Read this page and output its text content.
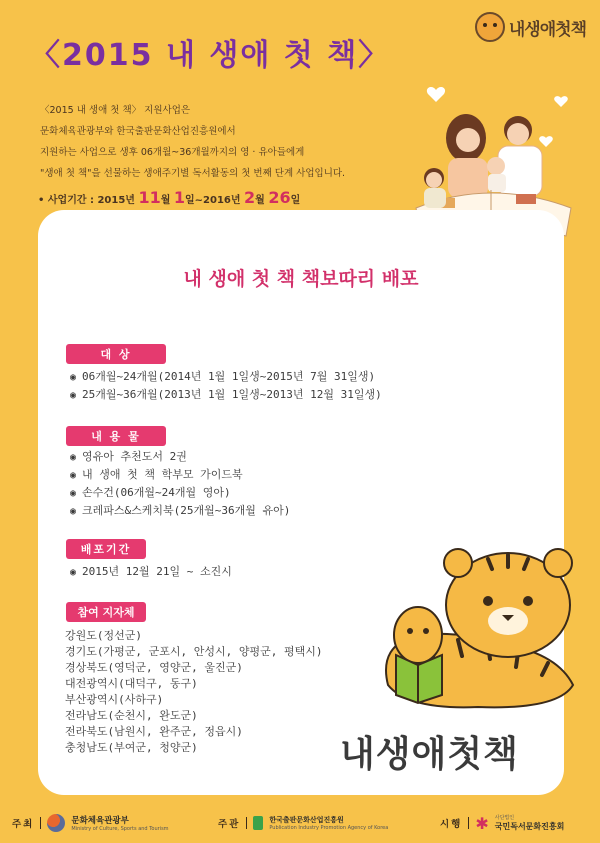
내생애첫책
〈2015 내 생애 첫 책〉
〈2015 내 생애 첫 책〉 지원사업은
문화체육관광부와 한국출판문화산업진흥원에서
지원하는 사업으로 생후 06개월~36개월까지의 영 · 유아들에게
"생애 첫 책"을 선물하는 생애주기별 독서활동의 첫 번째 단계 사업입니다.
• 사업기간 : 2015년 11월 1일~2016년 2월 26일
내 생애 첫 책 책보따리 배포
대 상
◉ 06개월~24개월(2014년 1월 1일생~2015년 7월 31일생)
◉ 25개월~36개월(2013년 1월 1일생~2013년 12월 31일생)
내 용 물
◉ 영유아 추천도서 2권
◉ 내 생애 첫 책 학부모 가이드북
◉ 손수건(06개월~24개월 영아)
◉ 크레파스&스케치북(25개월~36개월 유아)
배포기간
◉ 2015년 12월 21일 ~ 소진시
참여 지자체
강원도(정선군)
경기도(가평군, 군포시, 안성시, 양평군, 평택시)
경상북도(영덕군, 영양군, 울진군)
대전광역시(대덕구, 동구)
부산광역시(사하구)
전라남도(순천시, 완도군)
전라북도(남원시, 완주군, 정읍시)
충청남도(부여군, 청양군)	내생애첫책
주최	문화체육관광부
Ministry of Culture, Sports and Tourism	주관	한국출판문화산업진흥원
Publication Industry Promotion Agency of Korea	시행 ✱ 사단법인
국민독서문화진흥회
